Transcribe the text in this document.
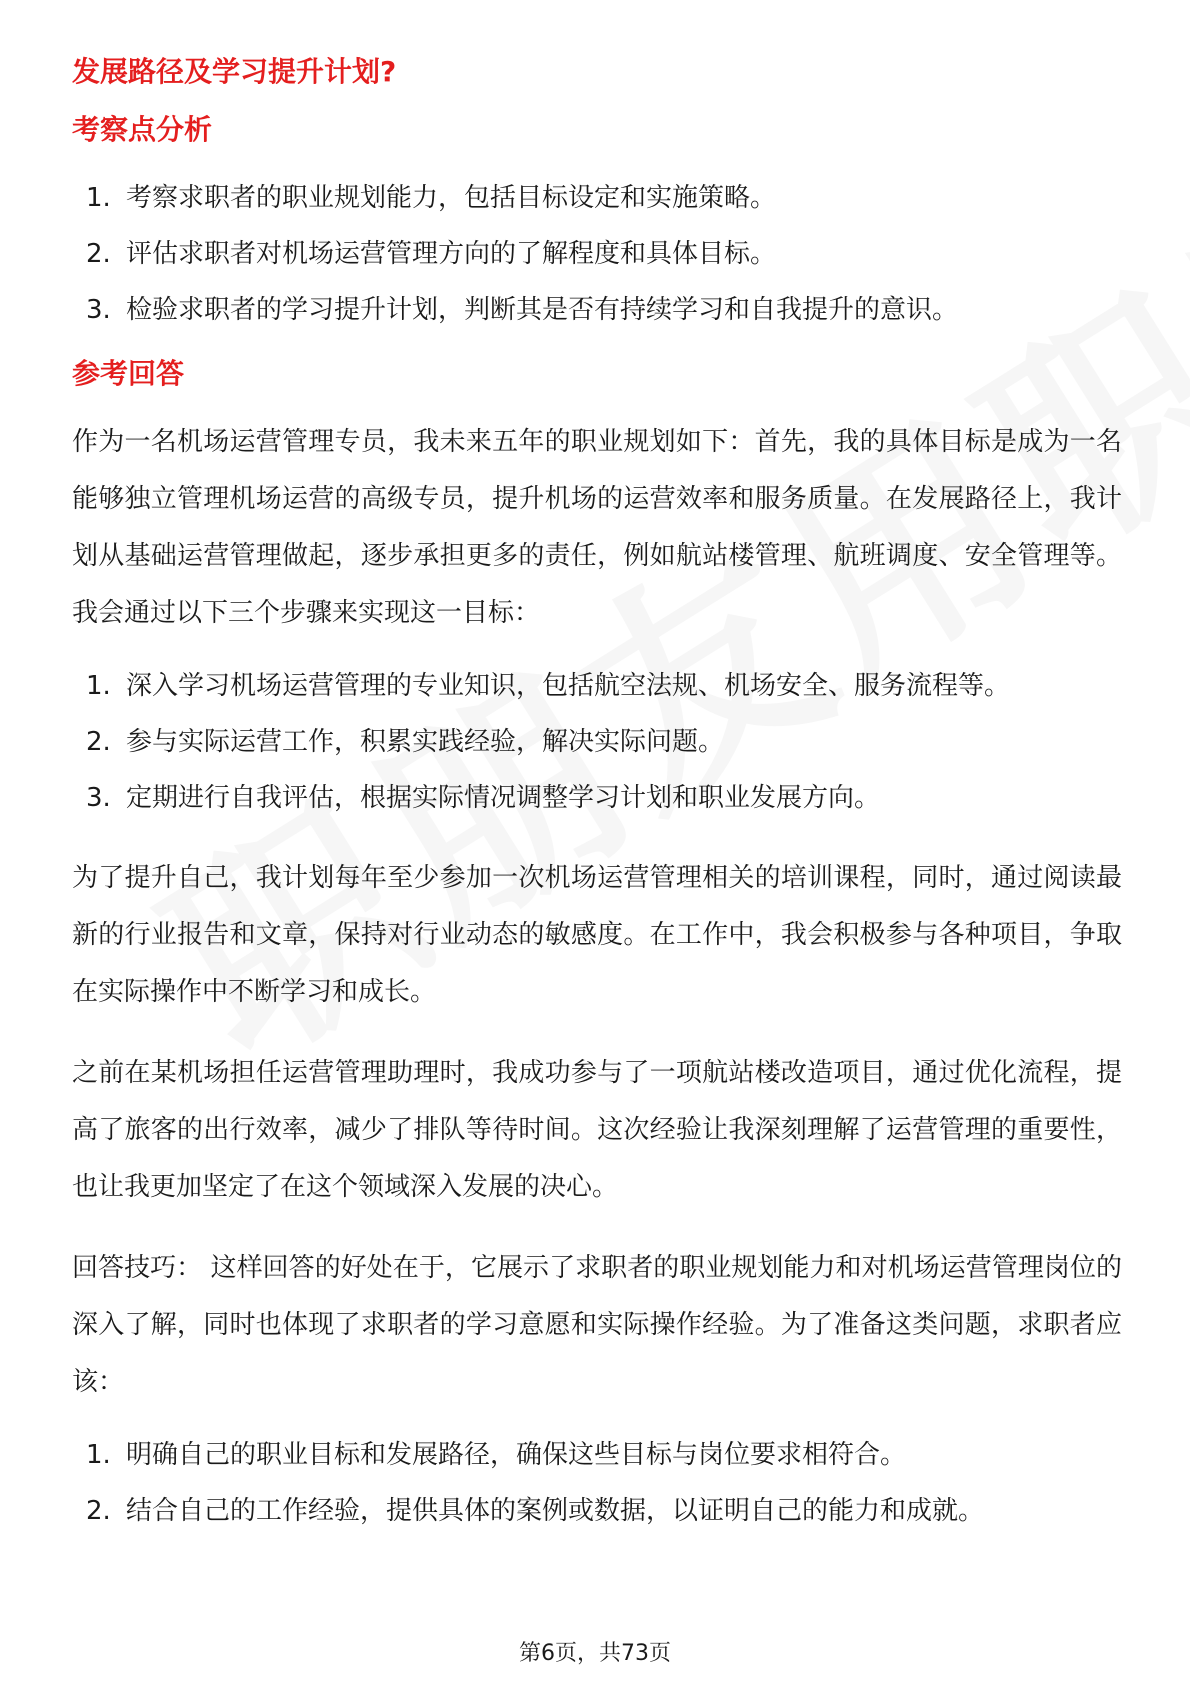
发展路径及学习提升计划?
考察点分析
1. 考察求职者的职业规划能力，包括目标设定和实施策略。
2. 评估求职者对机场运营管理方向的了解程度和具体目标。
3. 检验求职者的学习提升计划，判断其是否有持续学习和自我提升的意识。
参考回答

作为一名机场运营管理专员，我未来五年的职业规划如下：首先，我的具体目标是成为一名能够独立管理机场运营的高级专员，提升机场的运营效率和服务质量。在发展路径上，我计划从基础运营管理做起，逐步承担更多的责任，例如航站楼管理、航班调度、安全管理等。我会通过以下三个步骤来实现这一目标：

1. 深入学习机场运营管理的专业知识，包括航空法规、机场安全、服务流程等。
2. 参与实际运营工作，积累实践经验，解决实际问题。
3. 定期进行自我评估，根据实际情况调整学习计划和职业发展方向。

为了提升自己，我计划每年至少参加一次机场运营管理相关的培训课程，同时，通过阅读最新的行业报告和文章，保持对行业动态的敏感度。在工作中，我会积极参与各种项目，争取在实际操作中不断学习和成长。

之前在某机场担任运营管理助理时，我成功参与了一项航站楼改造项目，通过优化流程，提高了旅客的出行效率，减少了排队等待时间。这次经验让我深刻理解了运营管理的重要性，也让我更加坚定了在这个领域深入发展的决心。

回答技巧： 这样回答的好处在于，它展示了求职者的职业规划能力和对机场运营管理岗位的深入了解，同时也体现了求职者的学习意愿和实际操作经验。为了准备这类问题，求职者应该：

1. 明确自己的职业目标和发展路径，确保这些目标与岗位要求相符合。
2. 结合自己的工作经验，提供具体的案例或数据，以证明自己的能力和成就。
第6页，共73页
